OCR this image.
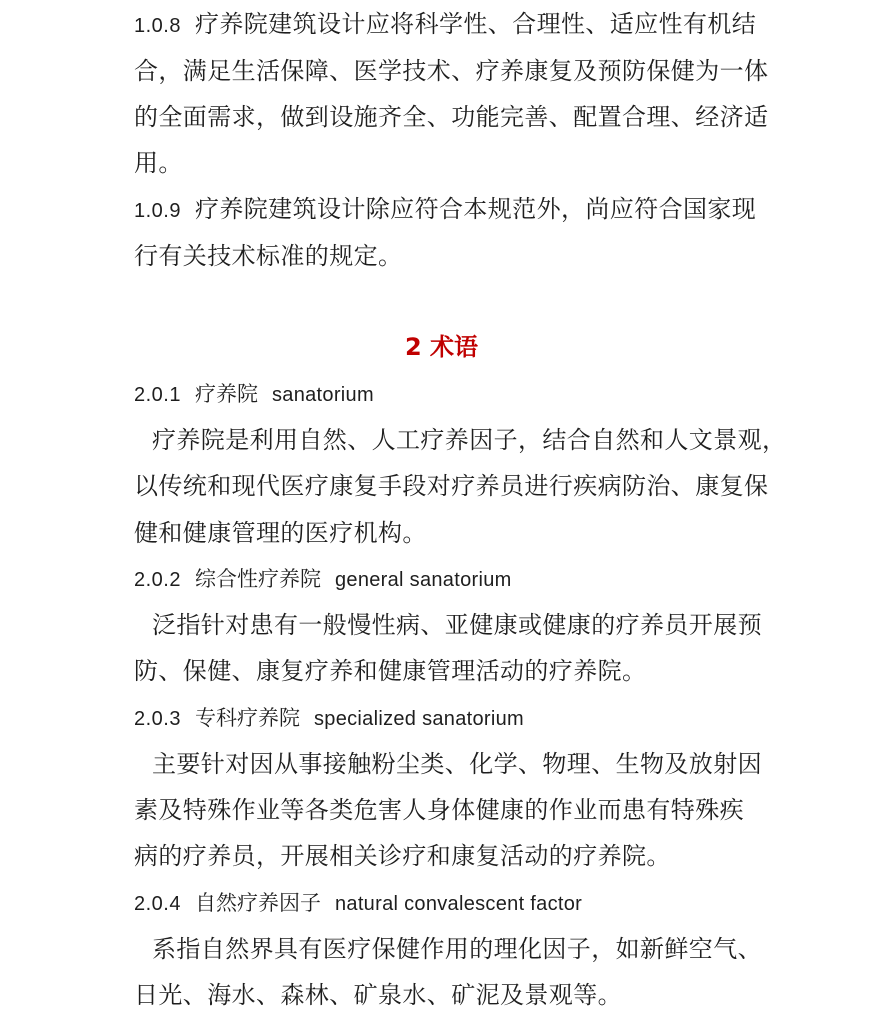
1.0.8 疗养院建筑设计应将科学性、合理性、适应性有机结
合，满足生活保障、医学技术、疗养康复及预防保健为一体
的全面需求，做到设施齐全、功能完善、配置合理、经济适
用。
1.0.9 疗养院建筑设计除应符合本规范外，尚应符合国家现
行有关技术标准的规定。
2 术语
2.0.1 疗养院 sanatorium
疗养院是利用自然、人工疗养因子，结合自然和人文景观，
以传统和现代医疗康复手段对疗养员进行疾病防治、康复保
健和健康管理的医疗机构。
2.0.2 综合性疗养院 general sanatorium
泛指针对患有一般慢性病、亚健康或健康的疗养员开展预
防、保健、康复疗养和健康管理活动的疗养院。
2.0.3 专科疗养院 specialized sanatorium
主要针对因从事接触粉尘类、化学、物理、生物及放射因
素及特殊作业等各类危害人身体健康的作业而患有特殊疾
病的疗养员，开展相关诊疗和康复活动的疗养院。
2.0.4 自然疗养因子 natural convalescent factor
系指自然界具有医疗保健作用的理化因子，如新鲜空气、
日光、海水、森林、矿泉水、矿泥及景观等。
